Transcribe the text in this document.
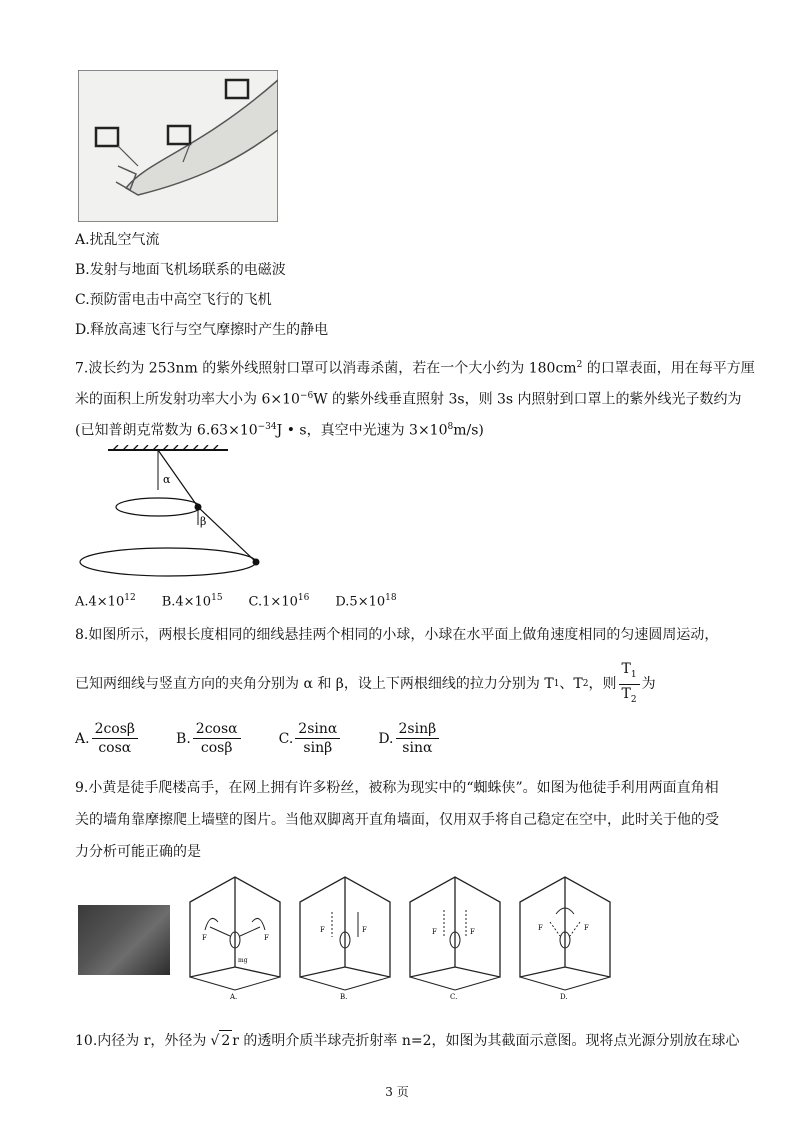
A.扰乱空气流
B.发射与地面飞机场联系的电磁波
C.预防雷电击中高空飞行的飞机
D.释放高速飞行与空气摩擦时产生的静电
7.波长约为 253nm 的紫外线照射口罩可以消毒杀菌，若在一个大小约为 $180cm^2$ 的口罩表面，用在每平方厘
米的面积上所发射功率大小为 $6\times 10^{-6}W$ 的紫外线垂直照射 3s，则 3s 内照射到口罩上的紫外线光子数约为
(已知普朗克常数为 $6.63\times 10^{-34}J$ • s，真空中光速为 $3\times 10^8m/s$)
α
β
$A.4\times 10^{12}$ $B.4\times 10^{15}$ $C.1\times 10^{16}$ $D.5\times 10^{18}$
8.如图所示，两根长度相同的细线悬挂两个相同的小球，小球在水平面上做角速度相同的匀速圆周运动，
已知两细线与竖直方向的夹角分别为 α 和 β，设上下两根细线的拉力分别为 T 1 、T 2 ，则 $\frac{T_1}{T_2}$ 为
A. $\frac{2\cos\beta}{\cos\alpha}$	B. $\frac{2\cos\alpha}{\cos\beta}$	C. $\frac{2\sin\alpha}{\sin\beta}$	D. $\frac{2\sin\beta}{\sin\alpha}$
9.小黄是徒手爬楼高手，在网上拥有许多粉丝，被称为现实中的“蜘蛛侠”。如图为他徒手利用两面直角相关的墙角靠摩擦爬上墙壁的图片。当他双脚离开直角墙面，仅用双手将自己稳定在空中，此时关于他的受力分析可能正确的是
F	F
mg
A.
F	F
B.
F	F
C.
F	F
D.
10.内径为 r，外径为 √ 2 r 的透明介质半球壳折射率 n=2，如图为其截面示意图。现将点光源分别放在球心
3 页
